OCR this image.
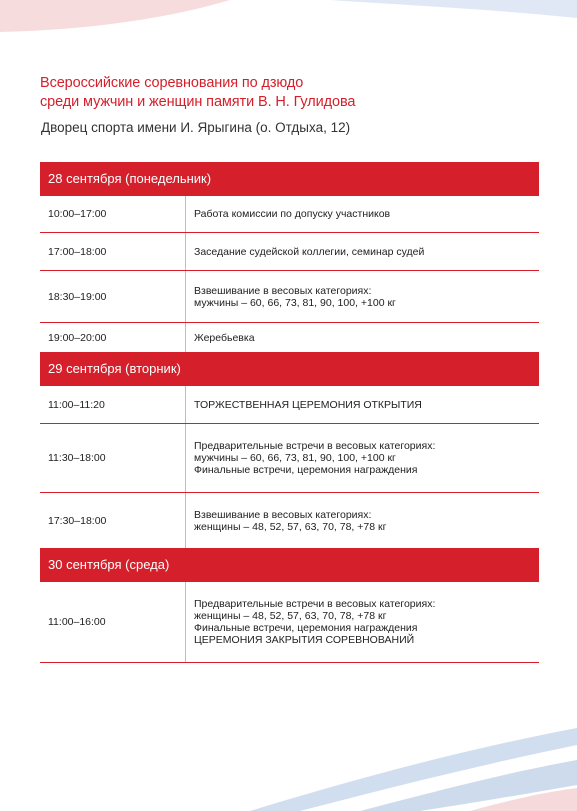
Всероссийские соревнования по дзюдо
среди мужчин и женщин памяти В. Н. Гулидова
Дворец спорта имени И. Ярыгина (о. Отдыха, 12)
28 сентября (понедельник)
10:00–17:00	Работа комиссии по допуску участников
17:00–18:00	Заседание судейской коллегии, семинар судей
18:30–19:00	Взвешивание в весовых категориях:
мужчины – 60, 66, 73, 81, 90, 100, +100 кг
19:00–20:00	Жеребьевка
29 сентября (вторник)
11:00–11:20	ТОРЖЕСТВЕННАЯ ЦЕРЕМОНИЯ ОТКРЫТИЯ
11:30–18:00
Предварительные встречи в весовых категориях:
мужчины – 60, 66, 73, 81, 90, 100, +100 кг
Финальные встречи, церемония награждения
17:30–18:00	Взвешивание в весовых категориях:
женщины – 48, 52, 57, 63, 70, 78, +78 кг
30 сентября (среда)
11:00–16:00
Предварительные встречи в весовых категориях:
женщины – 48, 52, 57, 63, 70, 78, +78 кг
Финальные встречи, церемония награждения
ЦЕРЕМОНИЯ ЗАКРЫТИЯ СОРЕВНОВАНИЙ
